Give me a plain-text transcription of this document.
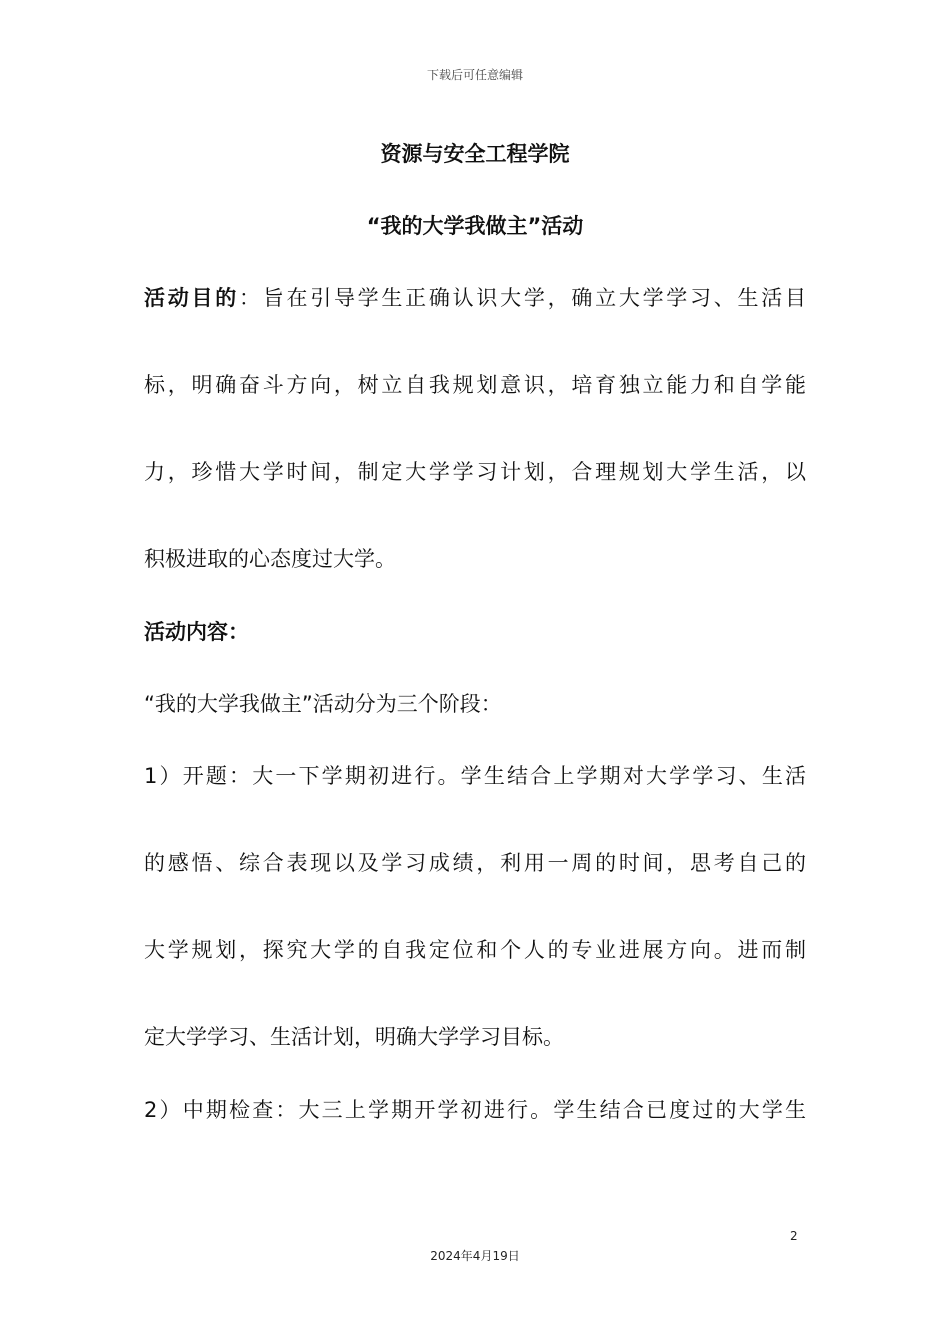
下载后可任意编辑
资源与安全工程学院
“我的大学我做主”活动
活动目的：旨在引导学生正确认识大学，确立大学学习、生活目
标，明确奋斗方向，树立自我规划意识，培育独立能力和自学能
力，珍惜大学时间，制定大学学习计划，合理规划大学生活，以
积极进取的心态度过大学。
活动内容：
“我的大学我做主”活动分为三个阶段：
1）开题：大一下学期初进行。学生结合上学期对大学学习、生活
的感悟、综合表现以及学习成绩，利用一周的时间，思考自己的
大学规划，探究大学的自我定位和个人的专业进展方向。进而制
定大学学习、生活计划，明确大学学习目标。
2）中期检查：大三上学期开学初进行。学生结合已度过的大学生
2
2024年4月19日
